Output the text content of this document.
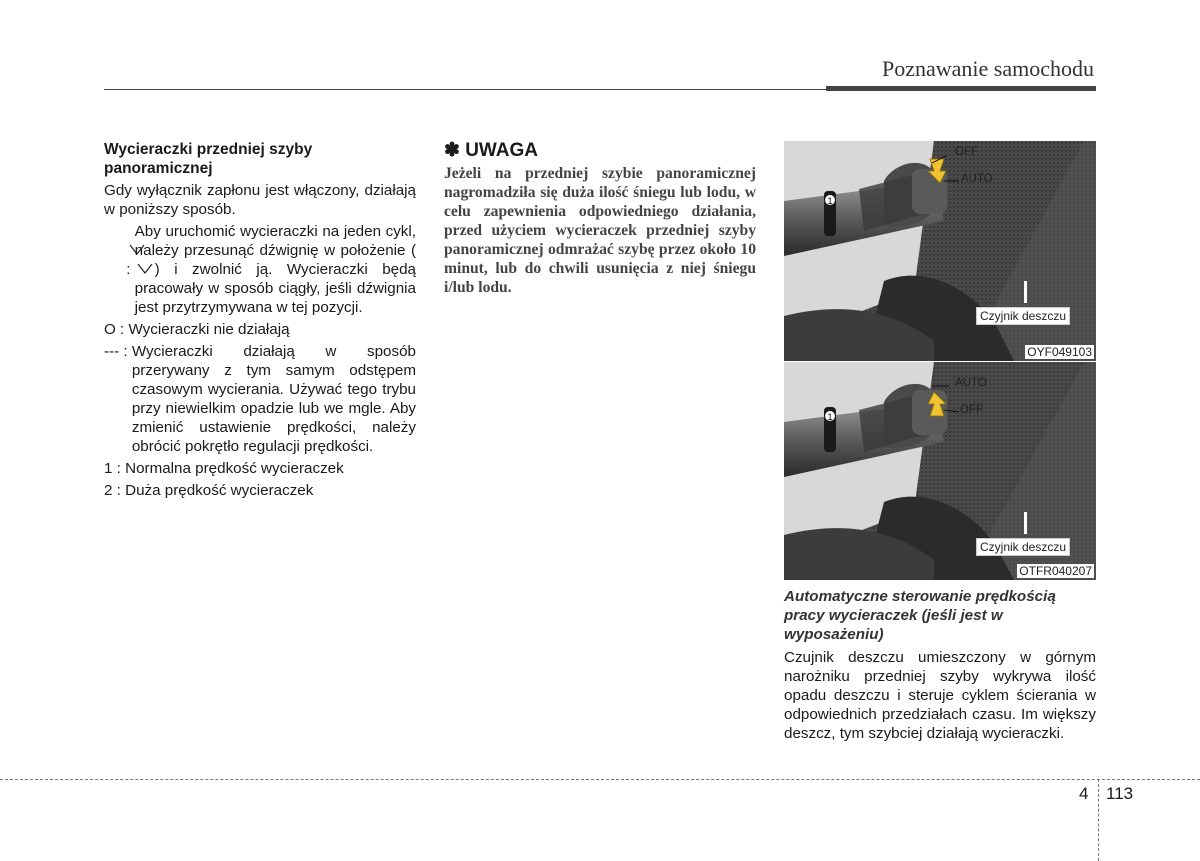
Poznawanie samochodu
Wycieraczki przedniej szyby panoramicznej

Gdy wyłącznik zapłonu jest włączony, działają w poniższy sposób.

:
Aby uruchomić wycieraczki na jeden cykl, należy przesunąć dźwignię w położenie () i zwolnić ją. Wycieraczki będą pracowały w sposób ciągły, jeśli dźwignia jest przytrzymywana w tej pozycji.
O : Wycieraczki nie działają
--- : Wycieraczki działają w sposób przerywany z tym samym odstępem czasowym wycierania. Używać tego trybu przy niewielkim opadzie lub we mgle. Aby zmienić ustawienie prędkości, należy obrócić pokrętło regulacji prędkości.
1 : Normalna prędkość wycieraczek
2 : Duża prędkość wycieraczek
✽ UWAGA

Jeżeli na przedniej szybie panoramicznej nagromadziła się duża ilość śniegu lub lodu, w celu zapewnienia odpowiedniego działania, przed użyciem wycieraczek przedniej szyby panoramicznej odmrażać szybę przez około 10 minut, lub do chwili usunięcia z niej śniegu i/lub lodu.

1
OFF
AUTO
Czyjnik deszczu
OYF049103
1
AUTO
OFF
Czyjnik deszczu
OTFR040207
Automatyczne sterowanie prędkością pracy wycieraczek (jeśli jest w wyposażeniu)

Czujnik deszczu umieszczony w górnym narożniku przedniej szyby wykrywa ilość opadu deszczu i steruje cyklem ścierania w odpowiednich przedziałach czasu. Im większy deszcz, tym szybciej działają wycieraczki.

4 113
